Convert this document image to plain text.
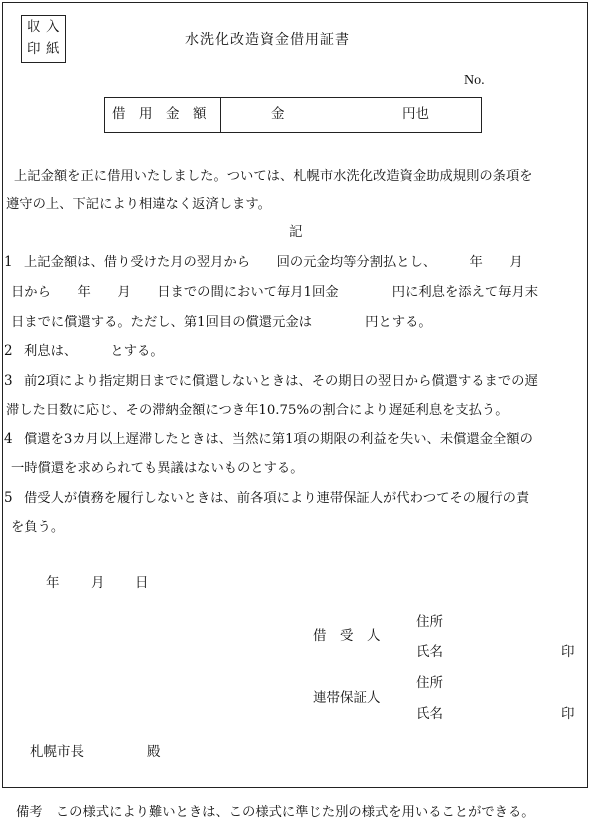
収 入
印 紙
水洗化改造資金借用証書
No.
借　用　金　額	金	円也
上記金額を正に借用いたしました。ついては、札幌市水洗化改造資金助成規則の条項を
遵守の上、下記により相違なく返済します。
記
1 上記金額は、借り受けた月の翌月から　　回の元金均等分割払とし、　　　年　　月
日から　　年　　月　　日までの間において毎月1回金　　　　円に利息を添えて毎月末
日までに償還する。ただし、第1回目の償還元金は　　　　円とする。
2 利息は、　　　とする。
3 前2項により指定期日までに償還しないときは、その期日の翌日から償還するまでの遅
滞した日数に応じ、その滞納金額につき年10.75%の割合により遅延利息を支払う。
4 償還を3カ月以上遅滞したときは、当然に第1項の期限の利益を失い、未償還金全額の
一時償還を求められても異議はないものとする。
5 借受人が債務を履行しないときは、前各項により連帯保証人が代わつてその履行の責
を負う。
年 月 日
住所
借　受　人
氏名	印
住所
連帯保証人
氏名	印
札幌市長	殿
備考　この様式により難いときは、この様式に準じた別の様式を用いることができる。
